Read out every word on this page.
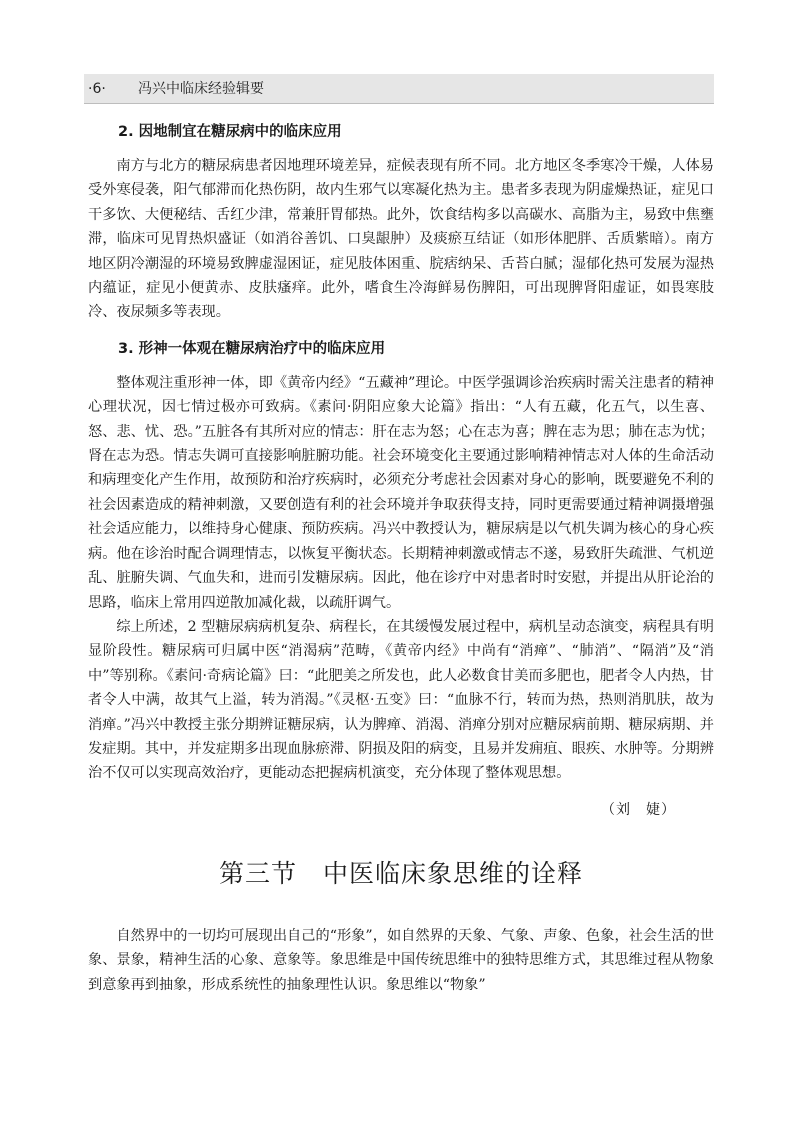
·6· 冯兴中临床经验辑要
2. 因地制宜在糖尿病中的临床应用

南方与北方的糖尿病患者因地理环境差异，症候表现有所不同。北方地区冬季寒冷干燥，人体易受外寒侵袭，阳气郁滞而化热伤阴，故内生邪气以寒凝化热为主。患者多表现为阴虚燥热证，症见口干多饮、大便秘结、舌红少津，常兼肝胃郁热。此外，饮食结构多以高碳水、高脂为主，易致中焦壅滞，临床可见胃热炽盛证（如消谷善饥、口臭龈肿）及痰瘀互结证（如形体肥胖、舌质紫暗）。南方地区阴冷潮湿的环境易致脾虚湿困证，症见肢体困重、脘痞纳呆、舌苔白腻；湿郁化热可发展为湿热内蕴证，症见小便黄赤、皮肤瘙痒。此外，嗜食生冷海鲜易伤脾阳，可出现脾肾阳虚证，如畏寒肢冷、夜尿频多等表现。

3. 形神一体观在糖尿病治疗中的临床应用

整体观注重形神一体，即《黄帝内经》“五藏神”理论。中医学强调诊治疾病时需关注患者的精神心理状况，因七情过极亦可致病。《素问·阴阳应象大论篇》指出：“人有五藏，化五气，以生喜、怒、悲、忧、恐。”五脏各有其所对应的情志：肝在志为怒；心在志为喜；脾在志为思；肺在志为忧；肾在志为恐。情志失调可直接影响脏腑功能。社会环境变化主要通过影响精神情志对人体的生命活动和病理变化产生作用，故预防和治疗疾病时，必须充分考虑社会因素对身心的影响，既要避免不利的社会因素造成的精神刺激，又要创造有利的社会环境并争取获得支持，同时更需要通过精神调摄增强社会适应能力，以维持身心健康、预防疾病。冯兴中教授认为，糖尿病是以气机失调为核心的身心疾病。他在诊治时配合调理情志，以恢复平衡状态。长期精神刺激或情志不遂，易致肝失疏泄、气机逆乱、脏腑失调、气血失和，进而引发糖尿病。因此，他在诊疗中对患者时时安慰，并提出从肝论治的思路，临床上常用四逆散加减化裁，以疏肝调气。

综上所述，2 型糖尿病病机复杂、病程长，在其缓慢发展过程中，病机呈动态演变，病程具有明显阶段性。糖尿病可归属中医“消渴病”范畴，《黄帝内经》中尚有“消瘅”、“肺消”、“隔消”及“消中”等别称。《素问·奇病论篇》曰：“此肥美之所发也，此人必数食甘美而多肥也，肥者令人内热，甘者令人中满，故其气上溢，转为消渴。”《灵枢·五变》曰：“血脉不行，转而为热，热则消肌肤，故为消瘅。”冯兴中教授主张分期辨证糖尿病，认为脾瘅、消渴、消瘅分别对应糖尿病前期、糖尿病期、并发症期。其中，并发症期多出现血脉瘀滞、阴损及阳的病变，且易并发痈疽、眼疾、水肿等。分期辨治不仅可以实现高效治疗，更能动态把握病机演变，充分体现了整体观思想。

（刘　婕）
第三节　中医临床象思维的诠释

自然界中的一切均可展现出自己的“形象”，如自然界的天象、气象、声象、色象，社会生活的世象、景象，精神生活的心象、意象等。象思维是中国传统思维中的独特思维方式，其思维过程从物象到意象再到抽象，形成系统性的抽象理性认识。象思维以“物象”
